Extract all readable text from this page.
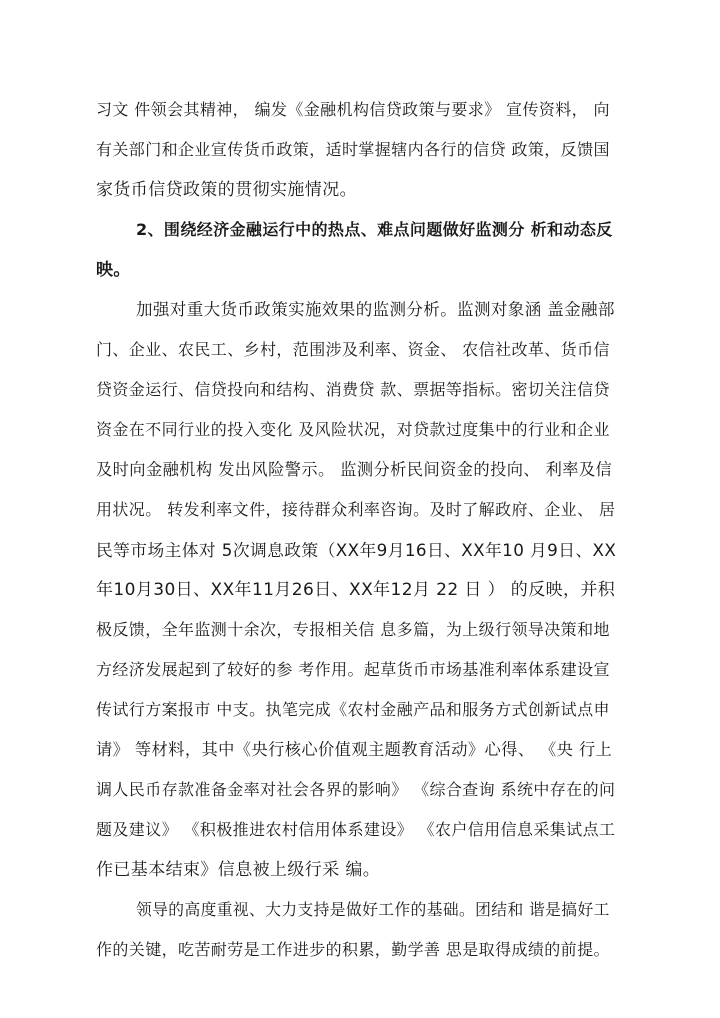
习文 件领会其精神， 编发《金融机构信贷政策与要求》 宣传资料， 向
有关部门和企业宣传货币政策，适时掌握辖内各行的信贷 政策，反馈国
家货币信贷政策的贯彻实施情况。
2、围绕经济金融运行中的热点、难点问题做好监测分 析和动态反
映。
加强对重大货币政策实施效果的监测分析。监测对象涵 盖金融部
门、企业、农民工、乡村，范围涉及利率、资金、 农信社改革、货币信
贷资金运行、信贷投向和结构、消费贷 款、票据等指标。密切关注信贷
资金在不同行业的投入变化 及风险状况，对贷款过度集中的行业和企业
及时向金融机构 发出风险警示。 监测分析民间资金的投向、 利率及信
用状况。 转发利率文件，接待群众利率咨询。及时了解政府、企业、 居
民等市场主体对 5次调息政策（XX年9月16日、XX年10 月9日、XX
年10月30日、XX年11月26日、XX年12月 22 日 ） 的反映，并积
极反馈，全年监测十余次，专报相关信 息多篇，为上级行领导决策和地
方经济发展起到了较好的参 考作用。起草货币市场基准利率体系建设宣
传试行方案报市 中支。执笔完成《农村金融产品和服务方式创新试点申
请》 等材料，其中《央行核心价值观主题教育活动》心得、 《央 行上
调人民币存款准备金率对社会各界的影响》 《综合查询 系统中存在的问
题及建议》 《积极推进农村信用体系建设》 《农户信用信息采集试点工
作已基本结束》信息被上级行采 编。
领导的高度重视、大力支持是做好工作的基础。团结和 谐是搞好工
作的关键，吃苦耐劳是工作进步的积累，勤学善 思是取得成绩的前提。
